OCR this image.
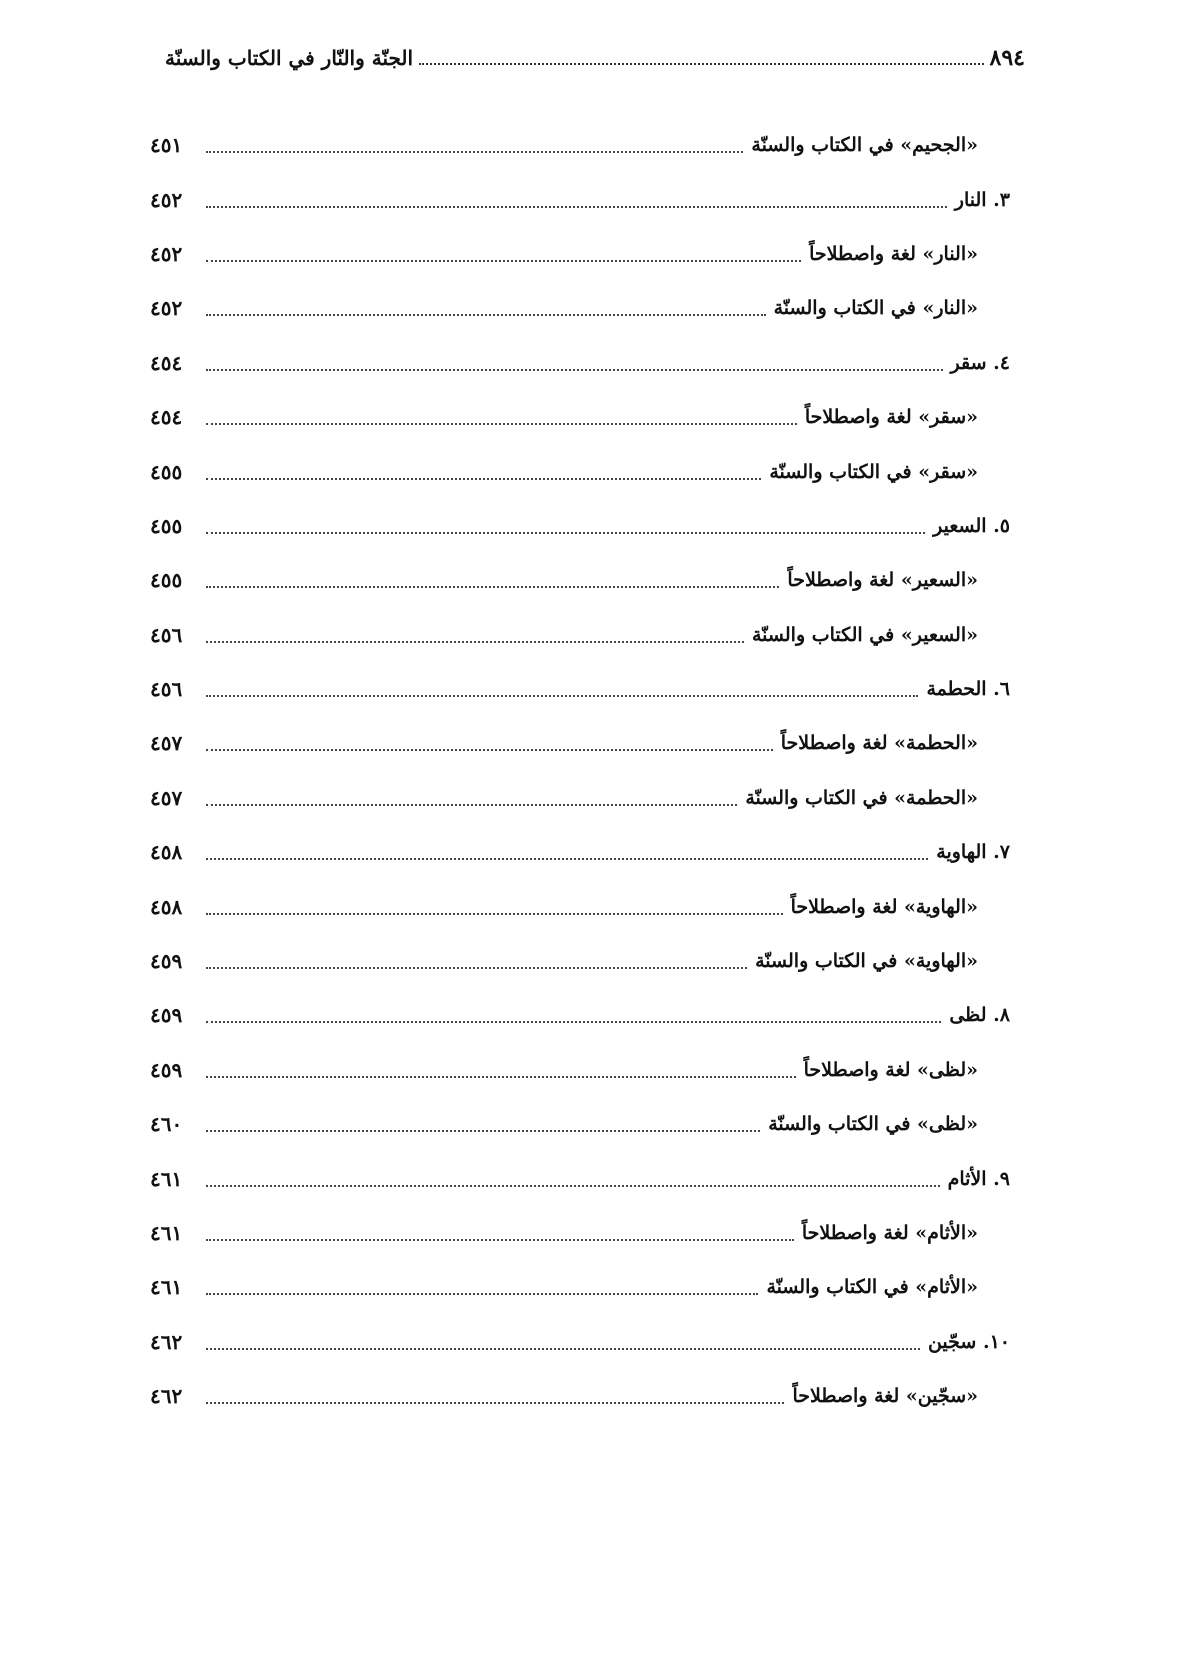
٨٩٤
الجنّة والنّار في الكتاب والسنّة
«الجحيم» في الكتاب والسنّة
٤٥١
٣. النار
٤٥٢
«النار» لغة واصطلاحاً
٤٥٢
«النار» في الكتاب والسنّة
٤٥٢
٤. سقر
٤٥٤
«سقر» لغة واصطلاحاً
٤٥٤
«سقر» في الكتاب والسنّة
٤٥٥
٥. السعير
٤٥٥
«السعير» لغة واصطلاحاً
٤٥٥
«السعير» في الكتاب والسنّة
٤٥٦
٦. الحطمة
٤٥٦
«الحطمة» لغة واصطلاحاً
٤٥٧
«الحطمة» في الكتاب والسنّة
٤٥٧
٧. الهاوية
٤٥٨
«الهاوية» لغة واصطلاحاً
٤٥٨
«الهاوية» في الكتاب والسنّة
٤٥٩
٨. لظى
٤٥٩
«لظى» لغة واصطلاحاً
٤٥٩
«لظى» في الكتاب والسنّة
٤٦٠
٩. الأثام
٤٦١
«الأثام» لغة واصطلاحاً
٤٦١
«الأثام» في الكتاب والسنّة
٤٦١
١٠. سجّين
٤٦٢
«سجّين» لغة واصطلاحاً
٤٦٢
